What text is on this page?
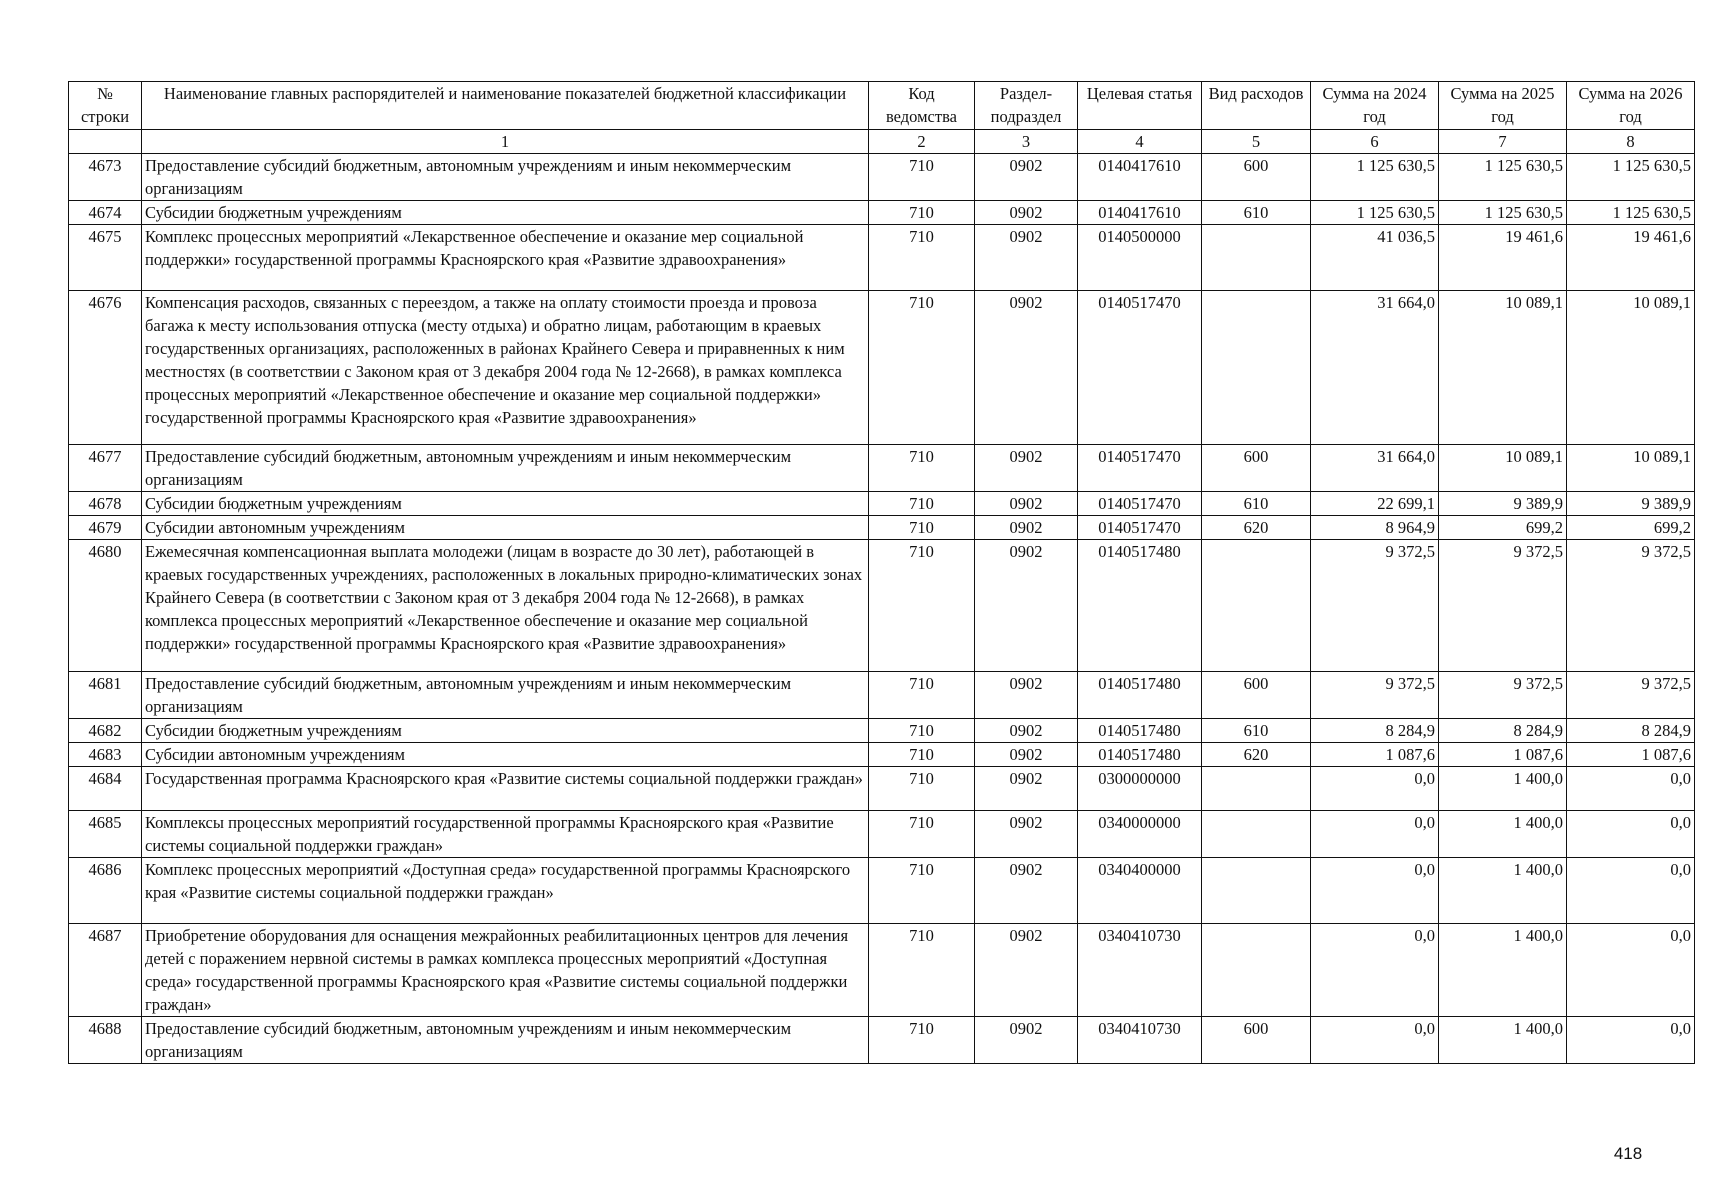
№ строки	Наименование главных распорядителей и наименование показателей бюджетной классификации	Код ведомства	Раздел-подраздел	Целевая статья	Вид расходов	Сумма на 2024 год	Сумма на 2025 год	Сумма на 2026 год
	1	2	3	4	5	6	7	8
4673	Предоставление субсидий бюджетным, автономным учреждениям и иным некоммерческим организациям	710	0902	0140417610	600	1 125 630,5	1 125 630,5	1 125 630,5
4674	Субсидии бюджетным учреждениям	710	0902	0140417610	610	1 125 630,5	1 125 630,5	1 125 630,5
4675	Комплекс процессных мероприятий «Лекарственное обеспечение и оказание мер социальной поддержки» государственной программы Красноярского края «Развитие здравоохранения»	710	0902	0140500000		41 036,5	19 461,6	19 461,6
4676	Компенсация расходов, связанных с переездом, а также на оплату стоимости проезда и провоза багажа к месту использования отпуска (месту отдыха) и обратно лицам, работающим в краевых государственных организациях, расположенных в районах Крайнего Севера и приравненных к ним местностях (в соответствии с Законом края от 3 декабря 2004 года № 12-2668), в рамках комплекса процессных мероприятий «Лекарственное обеспечение и оказание мер социальной поддержки» государственной программы Красноярского края «Развитие здравоохранения»	710	0902	0140517470		31 664,0	10 089,1	10 089,1
4677	Предоставление субсидий бюджетным, автономным учреждениям и иным некоммерческим организациям	710	0902	0140517470	600	31 664,0	10 089,1	10 089,1
4678	Субсидии бюджетным учреждениям	710	0902	0140517470	610	22 699,1	9 389,9	9 389,9
4679	Субсидии автономным учреждениям	710	0902	0140517470	620	8 964,9	699,2	699,2
4680	Ежемесячная компенсационная выплата молодежи (лицам в возрасте до 30 лет), работающей в краевых государственных учреждениях, расположенных в локальных природно-климатических зонах Крайнего Севера (в соответствии с Законом края от 3 декабря 2004 года № 12-2668), в рамках комплекса процессных мероприятий «Лекарственное обеспечение и оказание мер социальной поддержки» государственной программы Красноярского края «Развитие здравоохранения»	710	0902	0140517480		9 372,5	9 372,5	9 372,5
4681	Предоставление субсидий бюджетным, автономным учреждениям и иным некоммерческим организациям	710	0902	0140517480	600	9 372,5	9 372,5	9 372,5
4682	Субсидии бюджетным учреждениям	710	0902	0140517480	610	8 284,9	8 284,9	8 284,9
4683	Субсидии автономным учреждениям	710	0902	0140517480	620	1 087,6	1 087,6	1 087,6
4684	Государственная программа Красноярского края «Развитие системы социальной поддержки граждан»	710	0902	0300000000		0,0	1 400,0	0,0
4685	Комплексы процессных мероприятий государственной программы Красноярского края «Развитие системы социальной поддержки граждан»	710	0902	0340000000		0,0	1 400,0	0,0
4686	Комплекс процессных мероприятий «Доступная среда» государственной программы Красноярского края «Развитие системы социальной поддержки граждан»	710	0902	0340400000		0,0	1 400,0	0,0
4687	Приобретение оборудования для оснащения межрайонных реабилитационных центров для лечения детей с поражением нервной системы в рамках комплекса процессных мероприятий «Доступная среда» государственной программы Красноярского края «Развитие системы социальной поддержки граждан»	710	0902	0340410730		0,0	1 400,0	0,0
4688	Предоставление субсидий бюджетным, автономным учреждениям и иным некоммерческим организациям	710	0902	0340410730	600	0,0	1 400,0	0,0
418
